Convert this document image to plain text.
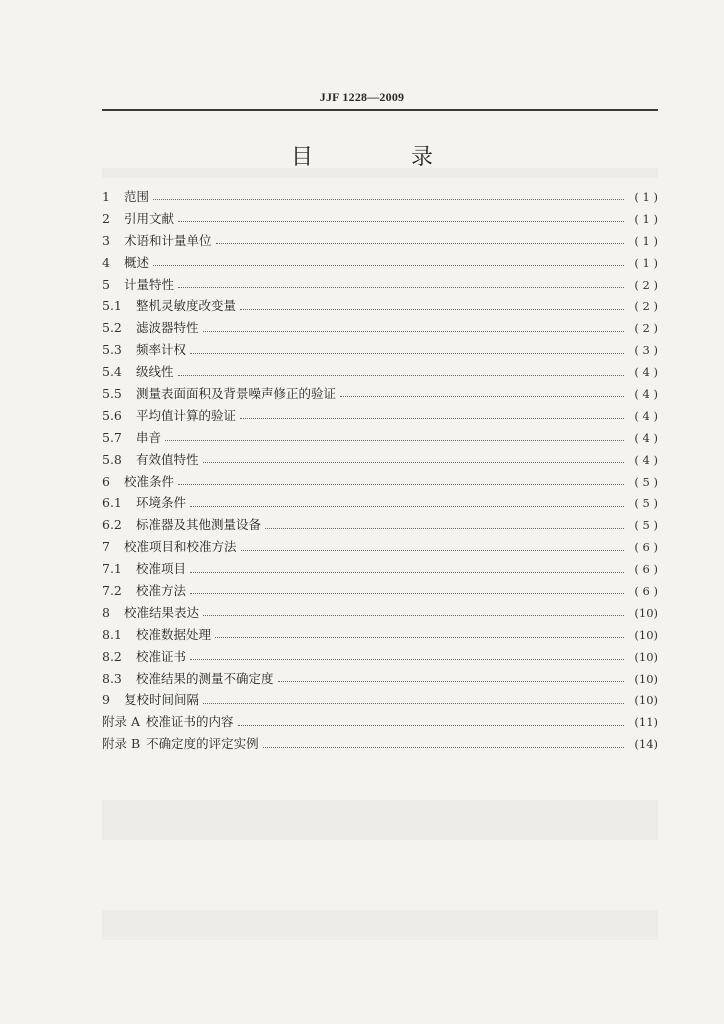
JJF 1228—2009
目　录
1	范围	( 1 )
2	引用文献	( 1 )
3	术语和计量单位	( 1 )
4	概述	( 1 )
5	计量特性	( 2 )
5.1	整机灵敏度改变量	( 2 )
5.2	滤波器特性	( 2 )
5.3	频率计权	( 3 )
5.4	级线性	( 4 )
5.5	测量表面面积及背景噪声修正的验证	( 4 )
5.6	平均值计算的验证	( 4 )
5.7	串音	( 4 )
5.8	有效值特性	( 4 )
6	校准条件	( 5 )
6.1	环境条件	( 5 )
6.2	标准器及其他测量设备	( 5 )
7	校准项目和校准方法	( 6 )
7.1	校准项目	( 6 )
7.2	校准方法	( 6 )
8	校准结果表达	(10)
8.1	校准数据处理	(10)
8.2	校准证书	(10)
8.3	校准结果的测量不确定度	(10)
9	复校时间间隔	(10)
附录 A 校准证书的内容	(11)
附录 B 不确定度的评定实例	(14)
